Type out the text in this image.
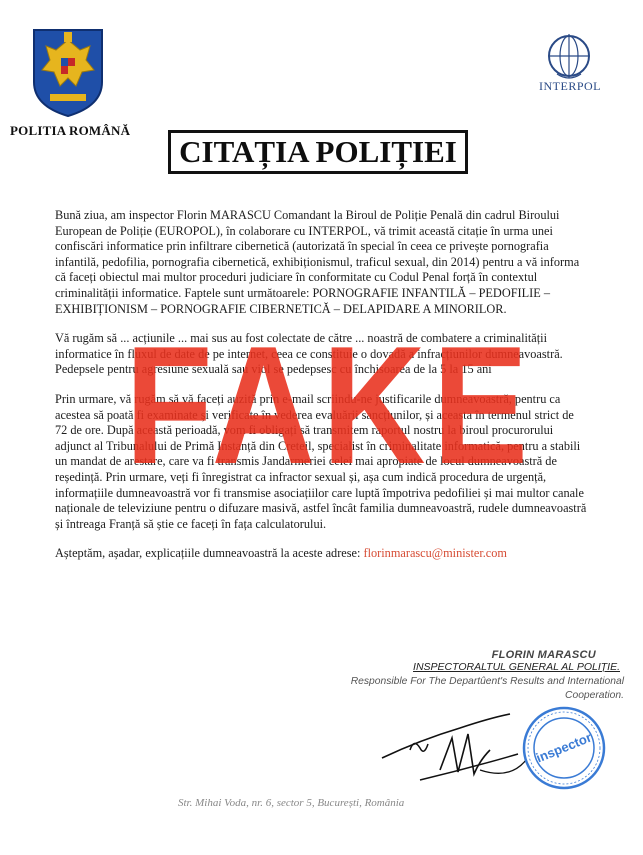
POLITIA ROMÂNĂ
INTERPOL
CITAȚIA POLIȚIEI

Bună ziua, am inspector Florin MARASCU Comandant la Biroul de Poliție Penală din cadrul Biroului European de Poliție (EUROPOL), în colaborare cu INTERPOL, vă trimit această citație în urma unei confiscări informatice prin infiltrare cibernetică (autorizată în special în ceea ce privește pornografia infantilă, pedofilia, pornografia cibernetică, exhibiționismul, traficul sexual, din 2014) pentru a vă informa că faceți obiectul mai multor proceduri judiciare în conformitate cu Codul Penal forță în contextul criminalității informatice. Faptele sunt următoarele: PORNOGRAFIE INFANTILĂ – PEDOFILIE – EXHIBIȚIONISM – PORNOGRAFIE CIBERNETICĂ – DELAPIDARE A MINORILOR.

Vă rugăm să ... acțiunile ... mai sus au fost colectate de către ... noastră de combatere a criminalității informatice în fluxul de date de pe internet, ceea ce constituie o dovadă a infracțiunilor dumneavoastră. Pedepsele pentru agresiune sexuală sau viol se pedepsesc cu închisoarea de la 5 la 15 ani

Prin urmare, vă rugăm să vă faceți auzită prin e-mail scriindu-ne justificarile dumneavoastră, pentru ca acestea să poată fi examinate și verificate în vederea evaluării sancțiunilor, și aceasta în termenul strict de 72 de ore. După această perioadă, vom fi obligați să transmitem raportul nostru la biroul procurorului adjunct al Tribunalului de Primă Instanță din Creteil, specialist în criminalitate informatică, pentru a stabili un mandat de arestare, care va fi transmis Jandarmeriei celei mai apropiate de locul dumneavoastră de reședință. Prin urmare, veți fi înregistrat ca infractor sexual și, așa cum indică procedura de urgență, informațiile dumneavoastră vor fi transmise asociațiilor care luptă împotriva pedofiliei și mai multor canale naționale de televiziune pentru o difuzare masivă, astfel încât familia dumneavoastră, rudele dumneavoastră și întreaga Franță să știe ce faceți în fața calculatorului.

Așteptăm, așadar, explicațiile dumneavoastră la aceste adrese: florinmarascu@minister.com

FLORIN MARASCU
INSPECTORALTUL GENERAL AL POLIȚIE.
Responsible For The Departûent's Results and International Cooperation.
inspector
Str. Mihai Voda, nr. 6, sector 5, București, România
FAKE
